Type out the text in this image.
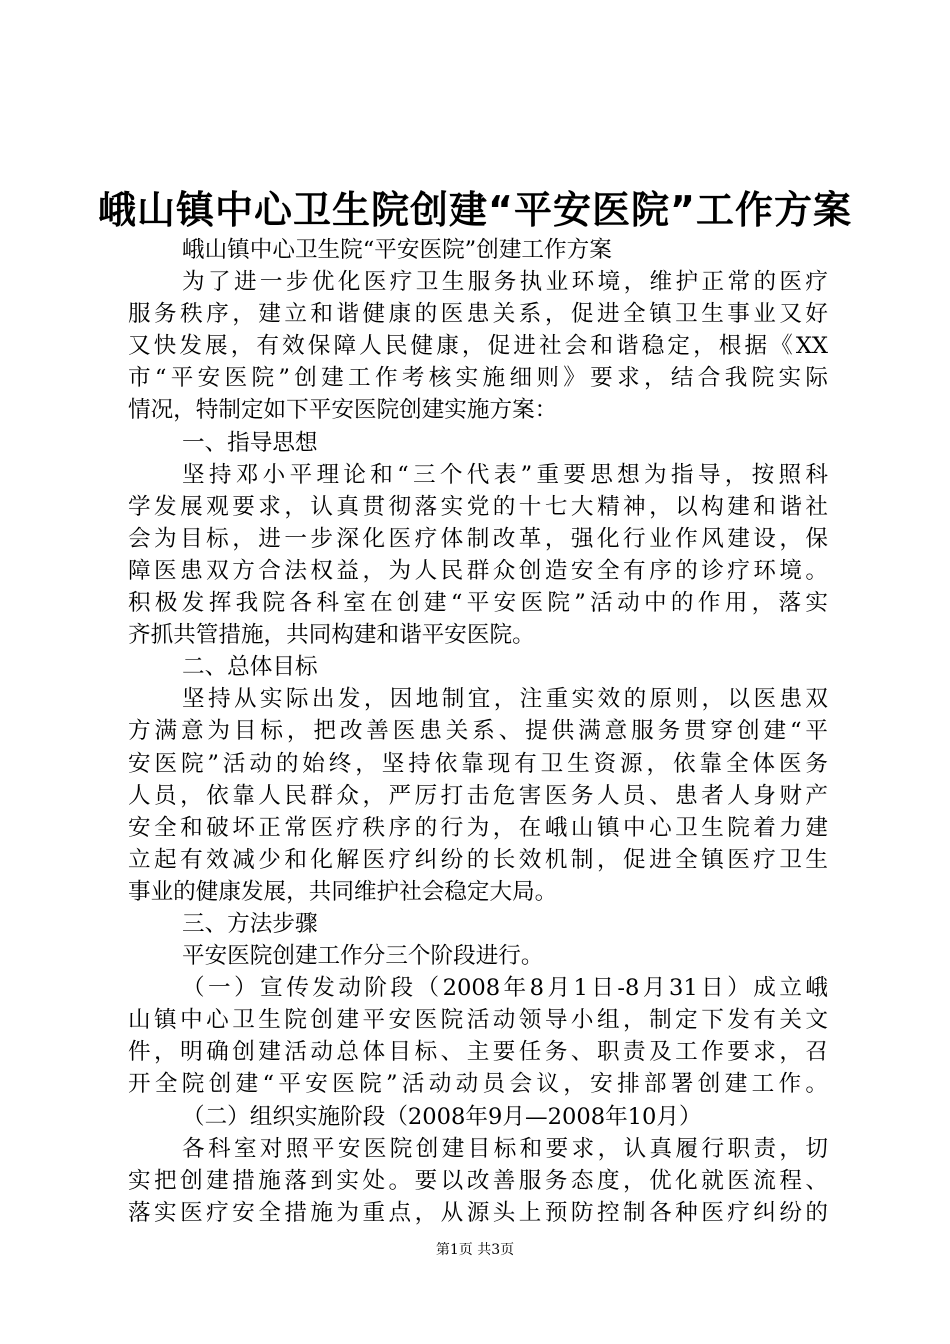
峨山镇中心卫生院创建“平安医院”工作方案
峨山镇中心卫生院“平安医院”创建工作方案
为了进一步优化医疗卫生服务执业环境，维护正常的医疗
服务秩序，建立和谐健康的医患关系，促进全镇卫生事业又好
又快发展，有效保障人民健康，促进社会和谐稳定，根据《XX
市“平安医院”创建工作考核实施细则》要求，结合我院实际
情况，特制定如下平安医院创建实施方案：
一、指导思想
坚持邓小平理论和“三个代表”重要思想为指导，按照科
学发展观要求，认真贯彻落实党的十七大精神，以构建和谐社
会为目标，进一步深化医疗体制改革，强化行业作风建设，保
障医患双方合法权益，为人民群众创造安全有序的诊疗环境。
积极发挥我院各科室在创建“平安医院”活动中的作用，落实
齐抓共管措施，共同构建和谐平安医院。
二、总体目标
坚持从实际出发，因地制宜，注重实效的原则，以医患双
方满意为目标，把改善医患关系、提供满意服务贯穿创建“平
安医院”活动的始终，坚持依靠现有卫生资源，依靠全体医务
人员，依靠人民群众，严厉打击危害医务人员、患者人身财产
安全和破坏正常医疗秩序的行为，在峨山镇中心卫生院着力建
立起有效减少和化解医疗纠纷的长效机制，促进全镇医疗卫生
事业的健康发展，共同维护社会稳定大局。
三、方法步骤
平安医院创建工作分三个阶段进行。
（一）宣传发动阶段（2008年8月1日-8月31日）成立峨
山镇中心卫生院创建平安医院活动领导小组，制定下发有关文
件，明确创建活动总体目标、主要任务、职责及工作要求，召
开全院创建“平安医院”活动动员会议，安排部署创建工作。
（二）组织实施阶段（2008年9月—2008年10月）
各科室对照平安医院创建目标和要求，认真履行职责，切
实把创建措施落到实处。要以改善服务态度，优化就医流程、
落实医疗安全措施为重点，从源头上预防控制各种医疗纠纷的
第1页 共3页
